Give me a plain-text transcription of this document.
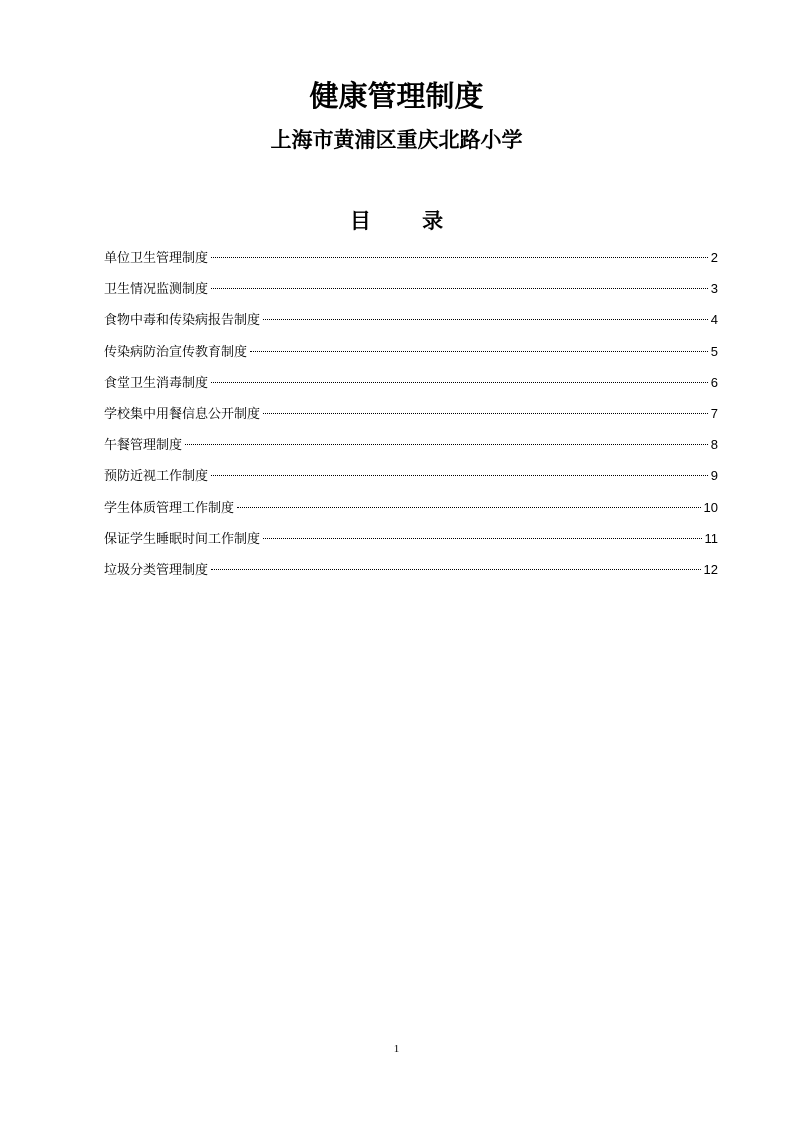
健康管理制度
上海市黄浦区重庆北路小学
目 录
单位卫生管理制度	2
卫生情况监测制度	3
食物中毒和传染病报告制度	4
传染病防治宣传教育制度	5
食堂卫生消毒制度	6
学校集中用餐信息公开制度	7
午餐管理制度	8
预防近视工作制度	9
学生体质管理工作制度	10
保证学生睡眠时间工作制度	11
垃圾分类管理制度	12
1
